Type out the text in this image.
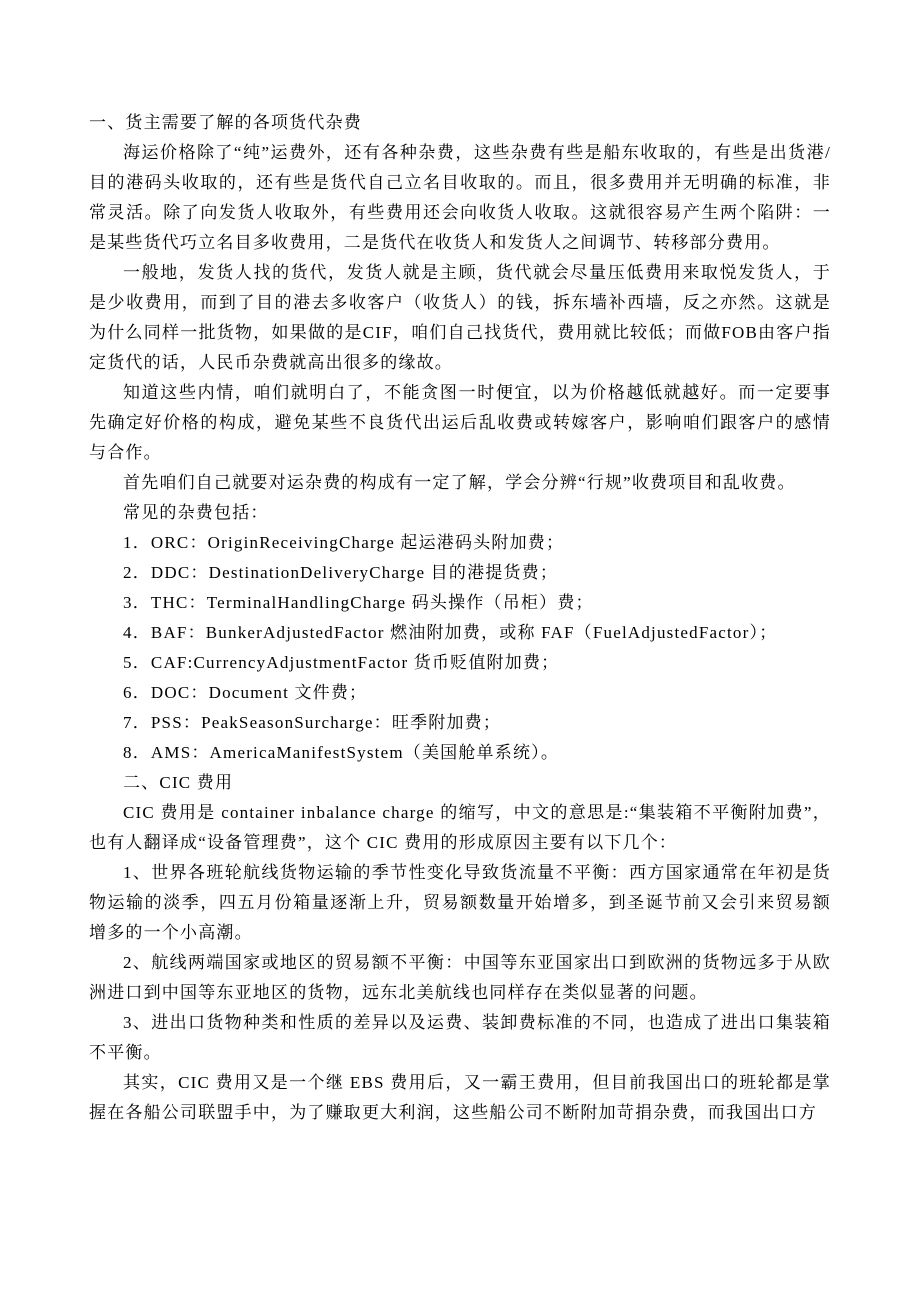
一、货主需要了解的各项货代杂费

海运价格除了“纯”运费外，还有各种杂费，这些杂费有些是船东收取的，有些是出货港/目的港码头收取的，还有些是货代自己立名目收取的。而且，很多费用并无明确的标准，非常灵活。除了向发货人收取外，有些费用还会向收货人收取。这就很容易产生两个陷阱：一是某些货代巧立名目多收费用，二是货代在收货人和发货人之间调节、转移部分费用。

一般地，发货人找的货代，发货人就是主顾，货代就会尽量压低费用来取悦发货人，于是少收费用，而到了目的港去多收客户（收货人）的钱，拆东墙补西墙，反之亦然。这就是为什么同样一批货物，如果做的是CIF，咱们自己找货代，费用就比较低；而做FOB由客户指定货代的话，人民币杂费就高出很多的缘故。

知道这些内情，咱们就明白了，不能贪图一时便宜，以为价格越低就越好。而一定要事先确定好价格的构成，避免某些不良货代出运后乱收费或转嫁客户，影响咱们跟客户的感情与合作。

首先咱们自己就要对运杂费的构成有一定了解，学会分辨“行规”收费项目和乱收费。

常见的杂费包括：

1．ORC：OriginReceivingCharge 起运港码头附加费；

2．DDC：DestinationDeliveryCharge 目的港提货费；

3．THC：TerminalHandlingCharge 码头操作（吊柜）费；

4．BAF：BunkerAdjustedFactor 燃油附加费，或称 FAF（FuelAdjustedFactor）；

5．CAF:CurrencyAdjustmentFactor 货币贬值附加费；

6．DOC：Document 文件费；

7．PSS：PeakSeasonSurcharge：旺季附加费；

8．AMS：AmericaManifestSystem（美国舱单系统）。

二、CIC 费用

CIC 费用是 container inbalance charge 的缩写，中文的意思是:“集装箱不平衡附加费”，也有人翻译成“设备管理费”，这个 CIC 费用的形成原因主要有以下几个：

1、世界各班轮航线货物运输的季节性变化导致货流量不平衡：西方国家通常在年初是货物运输的淡季，四五月份箱量逐渐上升，贸易额数量开始增多，到圣诞节前又会引来贸易额增多的一个小高潮。

2、航线两端国家或地区的贸易额不平衡：中国等东亚国家出口到欧洲的货物远多于从欧洲进口到中国等东亚地区的货物，远东北美航线也同样存在类似显著的问题。

3、进出口货物种类和性质的差异以及运费、装卸费标准的不同，也造成了进出口集装箱不平衡。

其实，CIC 费用又是一个继 EBS 费用后，又一霸王费用，但目前我国出口的班轮都是掌握在各船公司联盟手中，为了赚取更大利润，这些船公司不断附加苛捐杂费，而我国出口方
